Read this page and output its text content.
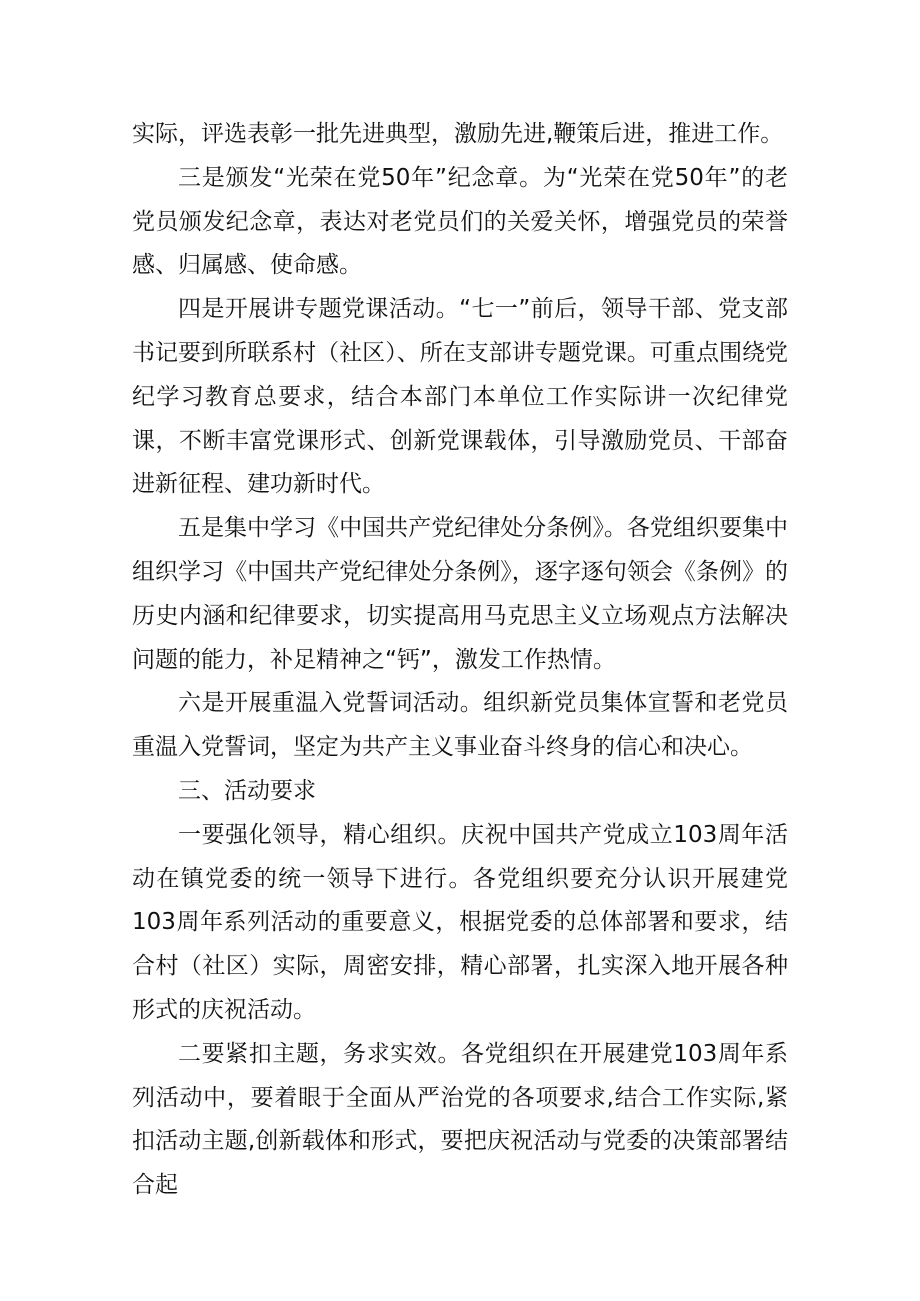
实际，评选表彰一批先进典型，激励先进,鞭策后进，推进工作。

三是颁发“光荣在党50年”纪念章。为“光荣在党50年”的老党员颁发纪念章，表达对老党员们的关爱关怀，增强党员的荣誉感、归属感、使命感。

四是开展讲专题党课活动。“七一”前后，领导干部、党支部书记要到所联系村（社区）、所在支部讲专题党课。可重点围绕党纪学习教育总要求，结合本部门本单位工作实际讲一次纪律党课，不断丰富党课形式、创新党课载体，引导激励党员、干部奋进新征程、建功新时代。

五是集中学习《中国共产党纪律处分条例》。各党组织要集中组织学习《中国共产党纪律处分条例》，逐字逐句领会《条例》的历史内涵和纪律要求，切实提高用马克思主义立场观点方法解决问题的能力，补足精神之“钙”，激发工作热情。

六是开展重温入党誓词活动。组织新党员集体宣誓和老党员重温入党誓词，坚定为共产主义事业奋斗终身的信心和决心。

三、活动要求

一要强化领导，精心组织。庆祝中国共产党成立103周年活动在镇党委的统一领导下进行。各党组织要充分认识开展建党103周年系列活动的重要意义，根据党委的总体部署和要求，结合村（社区）实际，周密安排，精心部署，扎实深入地开展各种形式的庆祝活动。

二要紧扣主题，务求实效。各党组织在开展建党103周年系列活动中，要着眼于全面从严治党的各项要求,结合工作实际,紧扣活动主题,创新载体和形式，要把庆祝活动与党委的决策部署结合起
